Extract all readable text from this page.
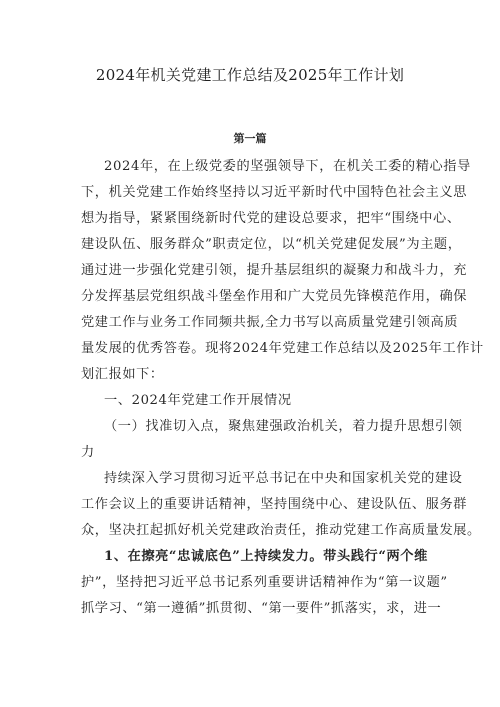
2024年机关党建工作总结及2025年工作计划
第一篇
2024年，在上级党委的坚强领导下，在机关工委的精心指导
下，机关党建工作始终坚持以习近平新时代中国特色社会主义思
想为指导，紧紧围绕新时代党的建设总要求，把牢“围绕中心、
建设队伍、服务群众”职责定位，以“机关党建促发展”为主题，
通过进一步强化党建引领，提升基层组织的凝聚力和战斗力，充
分发挥基层党组织战斗堡垒作用和广大党员先锋模范作用，确保
党建工作与业务工作同频共振,全力书写以高质量党建引领高质
量发展的优秀答卷。现将2024年党建工作总结以及2025年工作计
划汇报如下：
一、2024年党建工作开展情况
（一）找准切入点，聚焦建强政治机关，着力提升思想引领
力
持续深入学习贯彻习近平总书记在中央和国家机关党的建设
工作会议上的重要讲话精神，坚持围绕中心、建设队伍、服务群
众，坚决扛起抓好机关党建政治责任，推动党建工作高质量发展。
1、在擦亮“忠诚底色”上持续发力。带头践行“两个维
护”，坚持把习近平总书记系列重要讲话精神作为“第一议题”
抓学习、“第一遵循”抓贯彻、“第一要件”抓落实，求，进一
